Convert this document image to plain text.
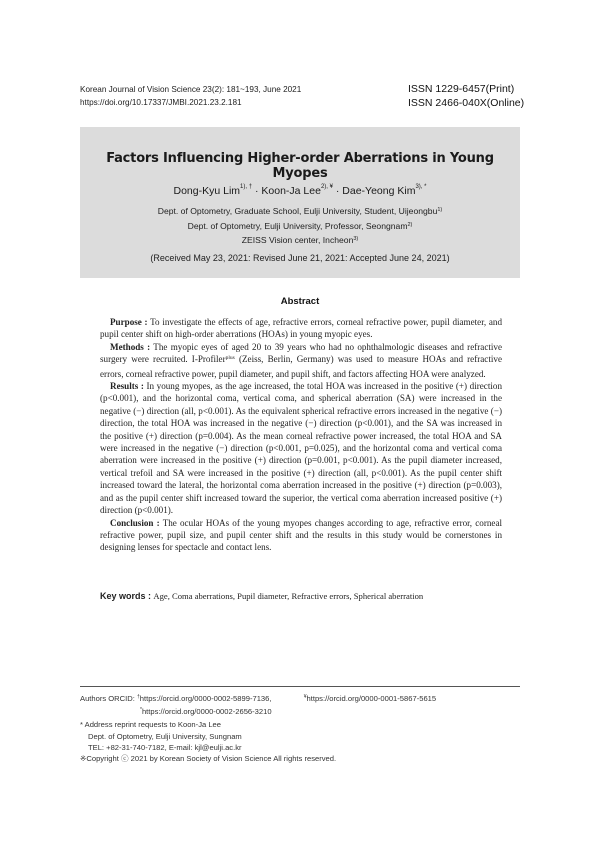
Korean Journal of Vision Science 23(2): 181~193, June 2021
https://doi.org/10.17337/JMBI.2021.23.2.181
ISSN 1229-6457(Print)
ISSN 2466-040X(Online)
Factors Influencing Higher-order Aberrations in Young Myopes
Dong-Kyu Lim$^{1), \dagger}$ · Koon-Ja Lee$^{2), ¥}$ · Dae-Yeong Kim$^{3), *}$
Dept. of Optometry, Graduate School, Eulji University, Student, Uijeongbu$^{1)}$
Dept. of Optometry, Eulji University, Professor, Seongnam$^{2)}$
ZEISS Vision center, Incheon$^{3)}$
(Received May 23, 2021: Revised June 21, 2021: Accepted June 24, 2021)
Abstract

Purpose : To investigate the effects of age, refractive errors, corneal refractive power, pupil diameter, and pupil center shift on high-order aberrations (HOAs) in young myopic eyes.

Methods : The myopic eyes of aged 20 to 39 years who had no ophthalmologic diseases and refractive surgery were recruited. I-Profiler$^{plus}$ (Zeiss, Berlin, Germany) was used to measure HOAs and refractive errors, corneal refractive power, pupil diameter, and pupil shift, and factors affecting HOA were analyzed.

Results : In young myopes, as the age increased, the total HOA was increased in the positive (+) direction (p<0.001), and the horizontal coma, vertical coma, and spherical aberration (SA) were increased in the negative (−) direction (all, p<0.001). As the equivalent spherical refractive errors increased in the negative (−) direction, the total HOA was increased in the negative (−) direction (p<0.001), and the SA was increased in the positive (+) direction (p=0.004). As the mean corneal refractive power increased, the total HOA and SA were increased in the negative (−) direction (p<0.001, p=0.025), and the horizontal coma and vertical coma aberration were increased in the positive (+) direction (p=0.001, p<0.001). As the pupil diameter increased, vertical trefoil and SA were increased in the positive (+) direction (all, p<0.001). As the pupil center shift increased toward the lateral, the horizontal coma aberration increased in the positive (+) direction (p=0.003), and as the pupil center shift increased toward the superior, the vertical coma aberration increased positive (+) direction (p<0.001).

Conclusion : The ocular HOAs of the young myopes changes according to age, refractive error, corneal refractive power, pupil size, and pupil center shift and the results in this study would be cornerstones in designing lenses for spectacle and contact lens.

Key words : Age, Coma aberrations, Pupil diameter, Refractive errors, Spherical aberration
Authors ORCID: †https://orcid.org/0000-0002-5899-7136,	¥https://orcid.org/0000-0001-5867-5615
*https://orcid.org/0000-0002-2656-3210
* Address reprint requests to Koon-Ja Lee
Dept. of Optometry, Eulji University, Sungnam
TEL: +82-31-740-7182, E-mail: kjl@eulji.ac.kr
※Copyright ⓒ 2021 by Korean Society of Vision Science All rights reserved.
